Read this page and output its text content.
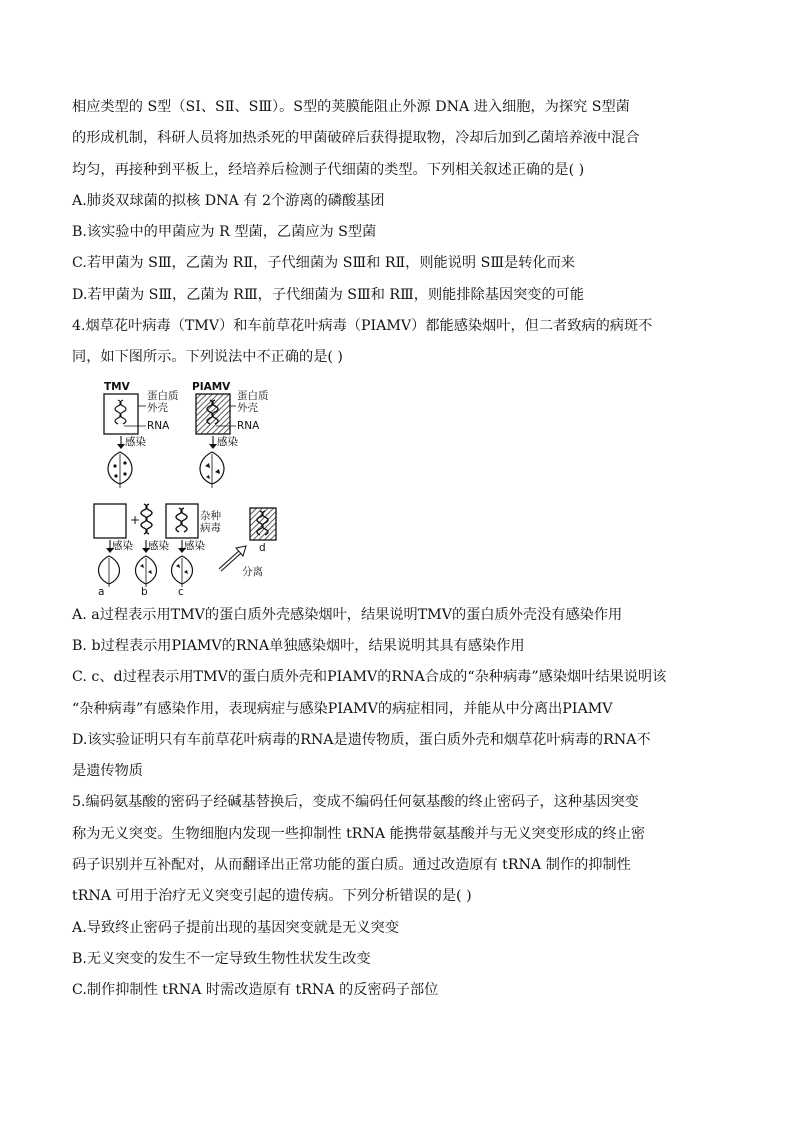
相应类型的 S型（SⅠ、SⅡ、SⅢ）。S型的荚膜能阻止外源 DNA 进入细胞，为探究 S型菌
的形成机制，科研人员将加热杀死的甲菌破碎后获得提取物，冷却后加到乙菌培养液中混合
均匀，再接种到平板上，经培养后检测子代细菌的类型。下列相关叙述正确的是( )
A.肺炎双球菌的拟核 DNA 有 2个游离的磷酸基团
B.该实验中的甲菌应为 R 型菌，乙菌应为 S型菌
C.若甲菌为 SⅢ，乙菌为 RⅡ，子代细菌为 SⅢ和 RⅡ，则能说明 SⅢ是转化而来
D.若甲菌为 SⅢ，乙菌为 RⅢ，子代细菌为 SⅢ和 RⅢ，则能排除基因突变的可能
4.烟草花叶病毒（TMV）和车前草花叶病毒（PIAMV）都能感染烟叶，但二者致病的病斑不
同，如下图所示。下列说法中不正确的是( )
TMV	PIAMV
蛋白质
外壳
RNA
蛋白质
外壳
RNA
感染	感染
+	杂种
病毒
感染 感染 感染
分离
a	b	c
d
A. a过程表示用TMV的蛋白质外壳感染烟叶，结果说明TMV的蛋白质外壳没有感染作用
B. b过程表示用PIAMV的RNA单独感染烟叶，结果说明其具有感染作用
C. c、d过程表示用TMV的蛋白质外壳和PIAMV的RNA合成的“杂种病毒”感染烟叶结果说明该
“杂种病毒”有感染作用，表现病症与感染PIAMV的病症相同，并能从中分离出PIAMV
D.该实验证明只有车前草花叶病毒的RNA是遗传物质，蛋白质外壳和烟草花叶病毒的RNA不
是遗传物质
5.编码氨基酸的密码子经碱基替换后，变成不编码任何氨基酸的终止密码子，这种基因突变
称为无义突变。生物细胞内发现一些抑制性 tRNA 能携带氨基酸并与无义突变形成的终止密
码子识别并互补配对，从而翻译出正常功能的蛋白质。通过改造原有 tRNA 制作的抑制性
tRNA 可用于治疗无义突变引起的遗传病。下列分析错误的是( )
A.导致终止密码子提前出现的基因突变就是无义突变
B.无义突变的发生不一定导致生物性状发生改变
C.制作抑制性 tRNA 时需改造原有 tRNA 的反密码子部位
